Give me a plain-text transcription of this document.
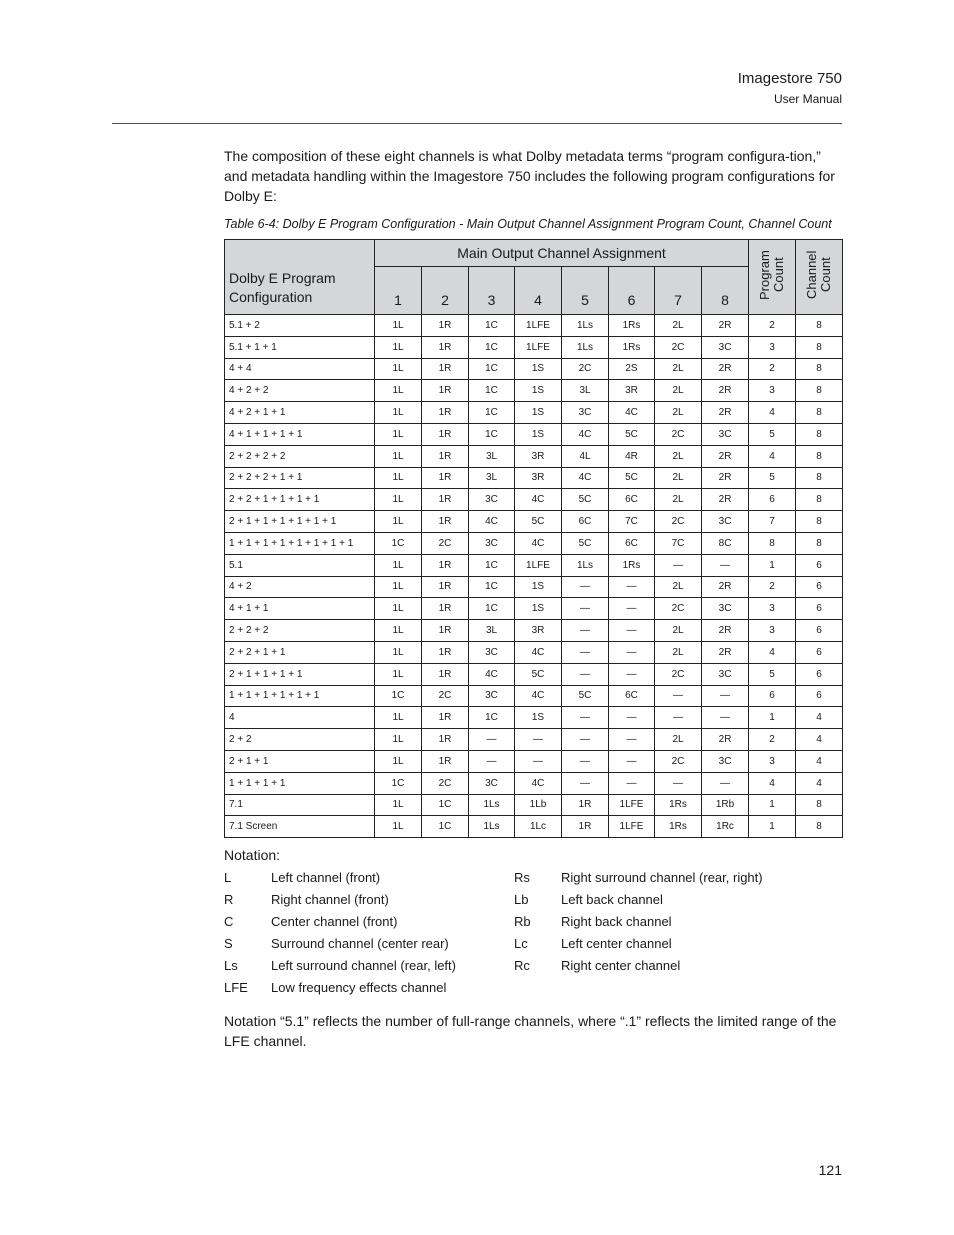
Imagestore 750
User Manual
The composition of these eight channels is what Dolby metadata terms “program configura-tion,” and metadata handling within the Imagestore 750 includes the following program configurations for Dolby E:
Table 6-4: Dolby E Program Configuration - Main Output Channel Assignment Program Count, Channel Count
Dolby E Program Configuration	Main Output Channel Assignment								Program Count	Channel Count
	1	2	3	4	5	6	7	8		
5.1 + 2	1L	1R	1C	1LFE	1Ls	1Rs	2L	2R	2	8
5.1 + 1 + 1	1L	1R	1C	1LFE	1Ls	1Rs	2C	3C	3	8
4 + 4	1L	1R	1C	1S	2C	2S	2L	2R	2	8
4 + 2 + 2	1L	1R	1C	1S	3L	3R	2L	2R	3	8
4 + 2 + 1 + 1	1L	1R	1C	1S	3C	4C	2L	2R	4	8
4 + 1 + 1 + 1 + 1	1L	1R	1C	1S	4C	5C	2C	3C	5	8
2 + 2 + 2 + 2	1L	1R	3L	3R	4L	4R	2L	2R	4	8
2 + 2 + 2 + 1 + 1	1L	1R	3L	3R	4C	5C	2L	2R	5	8
2 + 2 + 1 + 1 + 1 + 1	1L	1R	3C	4C	5C	6C	2L	2R	6	8
2 + 1 + 1 + 1 + 1 + 1 + 1	1L	1R	4C	5C	6C	7C	2C	3C	7	8
1 + 1 + 1 + 1 + 1 + 1 + 1 + 1	1C	2C	3C	4C	5C	6C	7C	8C	8	8
5.1	1L	1R	1C	1LFE	1Ls	1Rs	—	—	1	6
4 + 2	1L	1R	1C	1S	—	—	2L	2R	2	6
4 + 1 + 1	1L	1R	1C	1S	—	—	2C	3C	3	6
2 + 2 + 2	1L	1R	3L	3R	—	—	2L	2R	3	6
2 + 2 + 1 + 1	1L	1R	3C	4C	—	—	2L	2R	4	6
2 + 1 + 1 + 1 + 1	1L	1R	4C	5C	—	—	2C	3C	5	6
1 + 1 + 1 + 1 + 1 + 1	1C	2C	3C	4C	5C	6C	—	—	6	6
4	1L	1R	1C	1S	—	—	—	—	1	4
2 + 2	1L	1R	—	—	—	—	2L	2R	2	4
2 + 1 + 1	1L	1R	—	—	—	—	2C	3C	3	4
1 + 1 + 1 + 1	1C	2C	3C	4C	—	—	—	—	4	4
7.1	1L	1C	1Ls	1Lb	1R	1LFE	1Rs	1Rb	1	8
7.1 Screen	1L	1C	1Ls	1Lc	1R	1LFE	1Rs	1Rc	1	8
Notation:
L	Left channel (front)	Rs Right surround channel (rear, right)
R	Right channel (front)	Lb	Left back channel
C	Center channel (front)	Rb Right back channel
S	Surround channel (center rear)	Lc	Left center channel
Ls	Left surround channel (rear, left)	Rc Right center channel
LFE Low frequency effects channel
Notation “5.1” reflects the number of full-range channels, where “.1” reflects the limited range of the LFE channel.
121
